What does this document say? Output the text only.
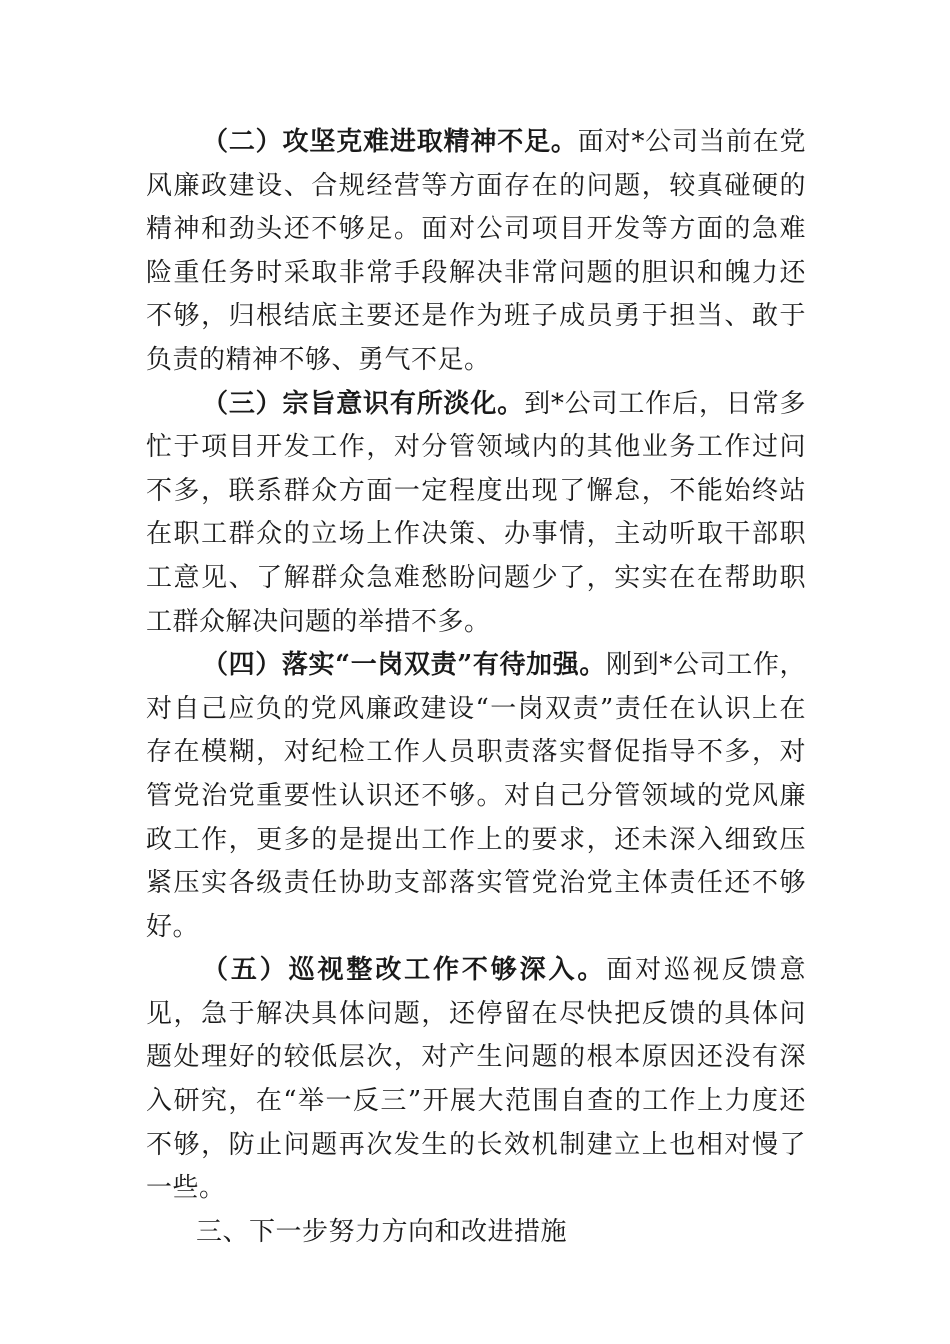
（二）攻坚克难进取精神不足。面对*公司当前在党风廉政建设、合规经营等方面存在的问题，较真碰硬的精神和劲头还不够足。面对公司项目开发等方面的急难险重任务时采取非常手段解决非常问题的胆识和魄力还不够，归根结底主要还是作为班子成员勇于担当、敢于负责的精神不够、勇气不足。

（三）宗旨意识有所淡化。到*公司工作后，日常多忙于项目开发工作，对分管领域内的其他业务工作过问不多，联系群众方面一定程度出现了懈怠，不能始终站在职工群众的立场上作决策、办事情，主动听取干部职工意见、了解群众急难愁盼问题少了，实实在在帮助职工群众解决问题的举措不多。

（四）落实“一岗双责”有待加强。刚到*公司工作，对自己应负的党风廉政建设“一岗双责”责任在认识上在存在模糊，对纪检工作人员职责落实督促指导不多，对管党治党重要性认识还不够。对自己分管领域的党风廉政工作，更多的是提出工作上的要求，还未深入细致压紧压实各级责任协助支部落实管党治党主体责任还不够好。

（五）巡视整改工作不够深入。面对巡视反馈意见，急于解决具体问题，还停留在尽快把反馈的具体问题处理好的较低层次，对产生问题的根本原因还没有深入研究，在“举一反三”开展大范围自查的工作上力度还不够，防止问题再次发生的长效机制建立上也相对慢了一些。

三、下一步努力方向和改进措施
